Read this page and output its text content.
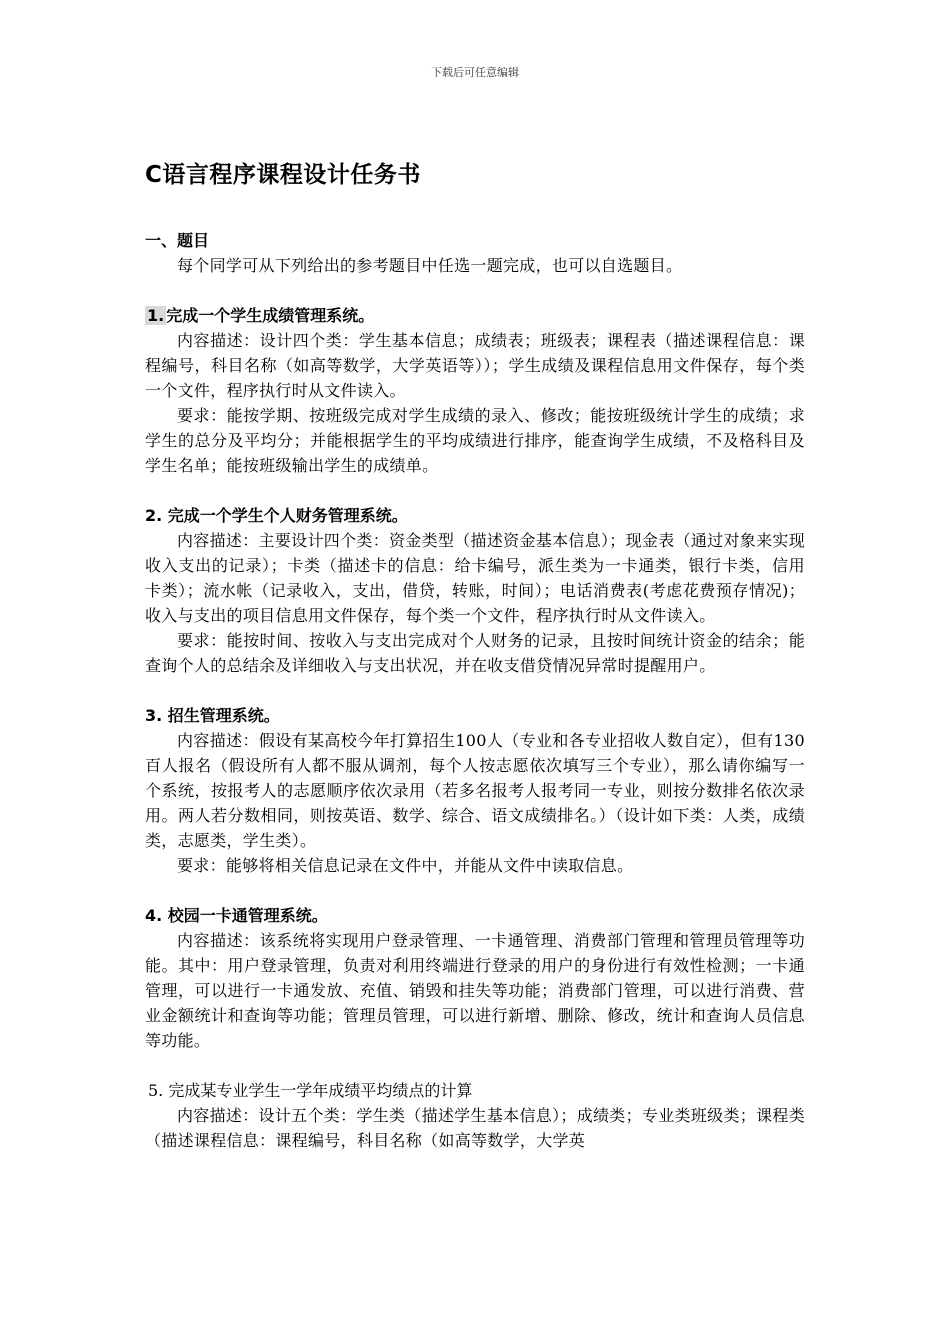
下载后可任意编辑
C语言程序课程设计任务书
一、题目

每个同学可从下列给出的参考题目中任选一题完成，也可以自选题目。

1. 完成一个学生成绩管理系统。

内容描述：设计四个类：学生基本信息；成绩表；班级表；课程表（描述课程信息：课程编号，科目名称（如高等数学，大学英语等））；学生成绩及课程信息用文件保存，每个类一个文件，程序执行时从文件读入。

要求：能按学期、按班级完成对学生成绩的录入、修改；能按班级统计学生的成绩；求学生的总分及平均分；并能根据学生的平均成绩进行排序，能查询学生成绩，不及格科目及学生名单；能按班级输出学生的成绩单。

2. 完成一个学生个人财务管理系统。

内容描述：主要设计四个类：资金类型（描述资金基本信息）；现金表（通过对象来实现收入支出的记录）；卡类（描述卡的信息：给卡编号，派生类为一卡通类，银行卡类，信用卡类）；流水帐（记录收入，支出，借贷，转账，时间）；电话消费表(考虑花费预存情况)；收入与支出的项目信息用文件保存，每个类一个文件，程序执行时从文件读入。

要求：能按时间、按收入与支出完成对个人财务的记录，且按时间统计资金的结余；能查询个人的总结余及详细收入与支出状况，并在收支借贷情况异常时提醒用户。

3. 招生管理系统。

内容描述：假设有某高校今年打算招生100人（专业和各专业招收人数自定），但有130百人报名（假设所有人都不服从调剂，每个人按志愿依次填写三个专业），那么请你编写一个系统，按报考人的志愿顺序依次录用（若多名报考人报考同一专业，则按分数排名依次录用。两人若分数相同，则按英语、数学、综合、语文成绩排名。）（设计如下类：人类，成绩类，志愿类，学生类）。

要求：能够将相关信息记录在文件中，并能从文件中读取信息。

4. 校园一卡通管理系统。

内容描述：该系统将实现用户登录管理、一卡通管理、消费部门管理和管理员管理等功能。其中：用户登录管理，负责对利用终端进行登录的用户的身份进行有效性检测；一卡通管理，可以进行一卡通发放、充值、销毁和挂失等功能；消费部门管理，可以进行消费、营业金额统计和查询等功能；管理员管理，可以进行新增、删除、修改，统计和查询人员信息等功能。

5. 完成某专业学生一学年成绩平均绩点的计算

内容描述：设计五个类：学生类（描述学生基本信息）；成绩类；专业类班级类；课程类（描述课程信息：课程编号，科目名称（如高等数学，大学英
